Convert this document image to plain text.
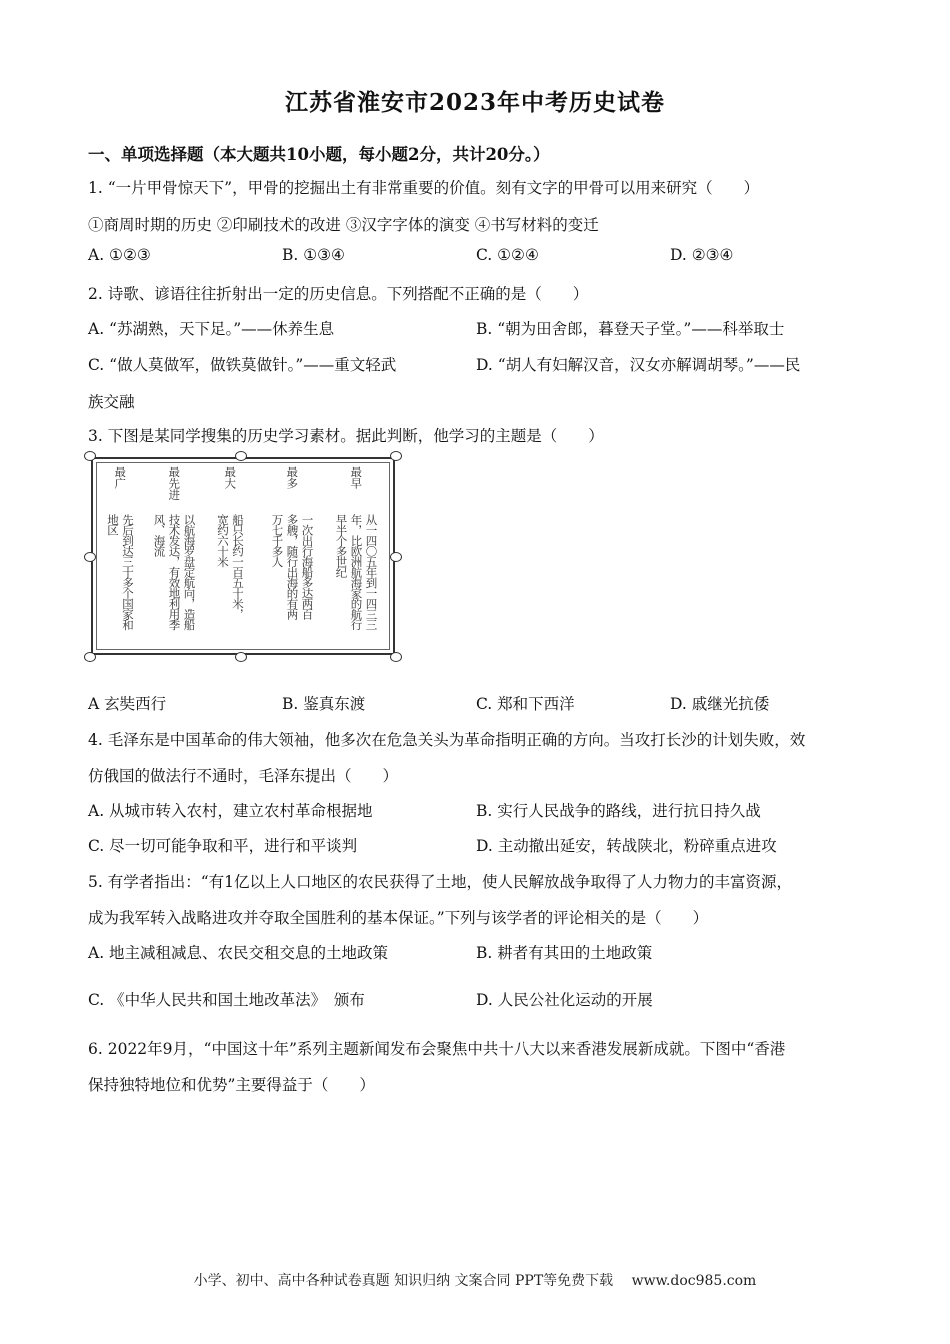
江苏省淮安市2023年中考历史试卷
一、单项选择题（本大题共10小题，每小题2分，共计20分。）
1. “一片甲骨惊天下”，甲骨的挖掘出土有非常重要的价值。刻有文字的甲骨可以用来研究（　　）
①商周时期的历史 ②印刷技术的改进 ③汉字字体的演变 ④书写材料的变迁
A. ①②③	B. ①③④	C. ①②④	D. ②③④
2. 诗歌、谚语往往折射出一定的历史信息。下列搭配不正确的是（　　）
A. “苏湖熟，天下足。”——休养生息	B. “朝为田舍郎，暮登天子堂。”——科举取士
C. “做人莫做军，做铁莫做针。”——重文轻武	D. “胡人有妇解汉音，汉女亦解调胡琴。”——民
族交融
3. 下图是某同学搜集的历史学习素材。据此判断，他学习的主题是（　　）
最早
从一四〇五年到一四三三
年，比欧洲航海家的航行
早半个多世纪
最多
一次出行海船多达两百
多艘，随行出海的有两
万七千多人
最大
船只长约一百五十米，
宽约六十米
最先进
以航海罗盘定航向，造船
技术发达，有效地利用季
风、海流
最广
先后到达三十多个国家和
地区
A 玄奘西行	B. 鉴真东渡	C. 郑和下西洋	D. 戚继光抗倭
4. 毛泽东是中国革命的伟大领袖，他多次在危急关头为革命指明正确的方向。当攻打长沙的计划失败，效
仿俄国的做法行不通时，毛泽东提出（　　）
A. 从城市转入农村，建立农村革命根据地	B. 实行人民战争的路线，进行抗日持久战
C. 尽一切可能争取和平，进行和平谈判	D. 主动撤出延安，转战陕北，粉碎重点进攻
5. 有学者指出：“有1亿以上人口地区的农民获得了土地，使人民解放战争取得了人力物力的丰富资源，
成为我军转入战略进攻并夺取全国胜利的基本保证。”下列与该学者的评论相关的是（　　）
A. 地主减租减息、农民交租交息的土地政策	B. 耕者有其田的土地政策
C. 《中华人民共和国土地改革法》　颁布	D. 人民公社化运动的开展
6. 2022年9月，“中国这十年”系列主题新闻发布会聚焦中共十八大以来香港发展新成就。下图中“香港
保持独特地位和优势”主要得益于（　　）
小学、初中、高中各种试卷真题 知识归纳 文案合同 PPT等免费下载　 www.doc985.com
